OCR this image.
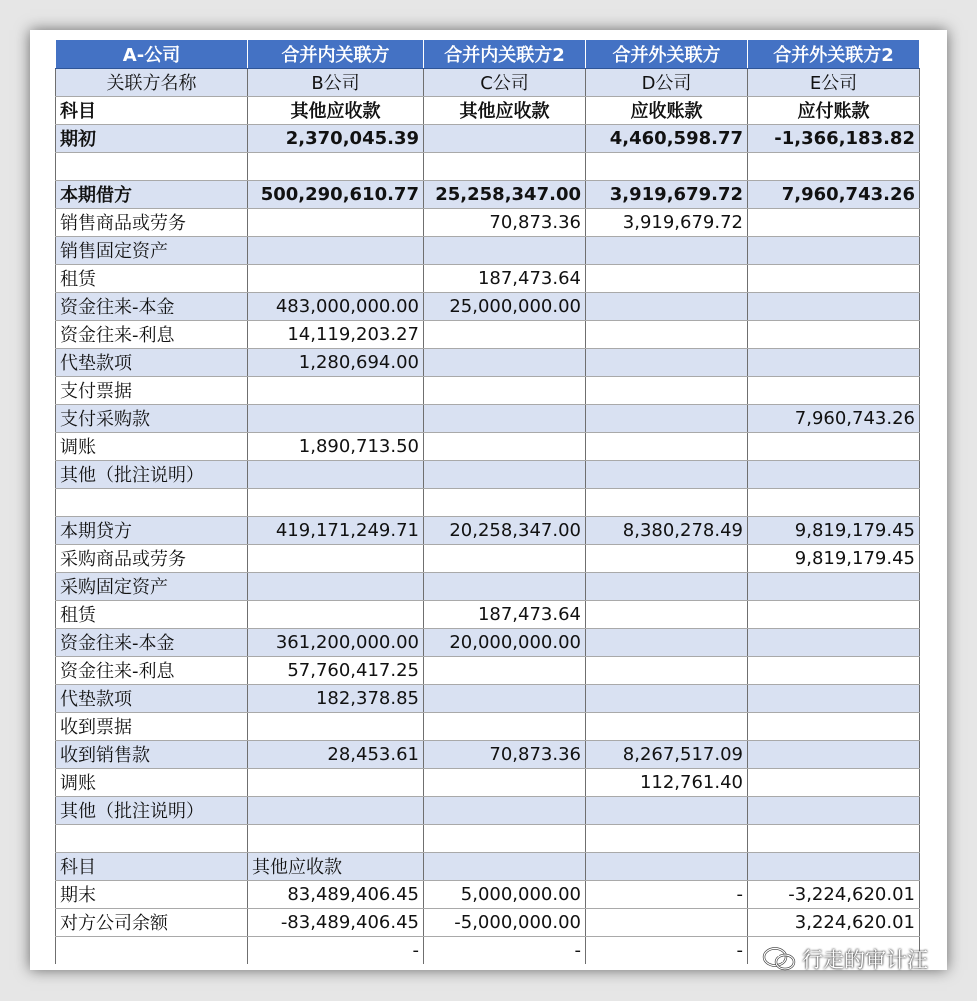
A-公司	合并内关联方	合并内关联方2	合并外关联方	合并外关联方2
关联方名称	B公司	C公司	D公司	E公司
科目	其他应收款	其他应收款	应收账款	应付账款
期初	2,370,045.39		4,460,598.77	-1,366,183.82

本期借方	500,290,610.77	25,258,347.00	3,919,679.72	7,960,743.26
销售商品或劳务		70,873.36	3,919,679.72	
销售固定资产				
租赁		187,473.64		
资金往来-本金	483,000,000.00	25,000,000.00		
资金往来-利息	14,119,203.27			
代垫款项	1,280,694.00			
支付票据				
支付采购款				7,960,743.26
调账	1,890,713.50			
其他（批注说明）				

本期贷方	419,171,249.71	20,258,347.00	8,380,278.49	9,819,179.45
采购商品或劳务				9,819,179.45
采购固定资产				
租赁		187,473.64		
资金往来-本金	361,200,000.00	20,000,000.00		
资金往来-利息	57,760,417.25			
代垫款项	182,378.85			
收到票据				
收到销售款	28,453.61	70,873.36	8,267,517.09	
调账			112,761.40	
其他（批注说明）				

科目	其他应收款			
期末	83,489,406.45	5,000,000.00	-	-3,224,620.01
对方公司余额	-83,489,406.45	-5,000,000.00		3,224,620.01
	-	-	-		行走的审计汪
